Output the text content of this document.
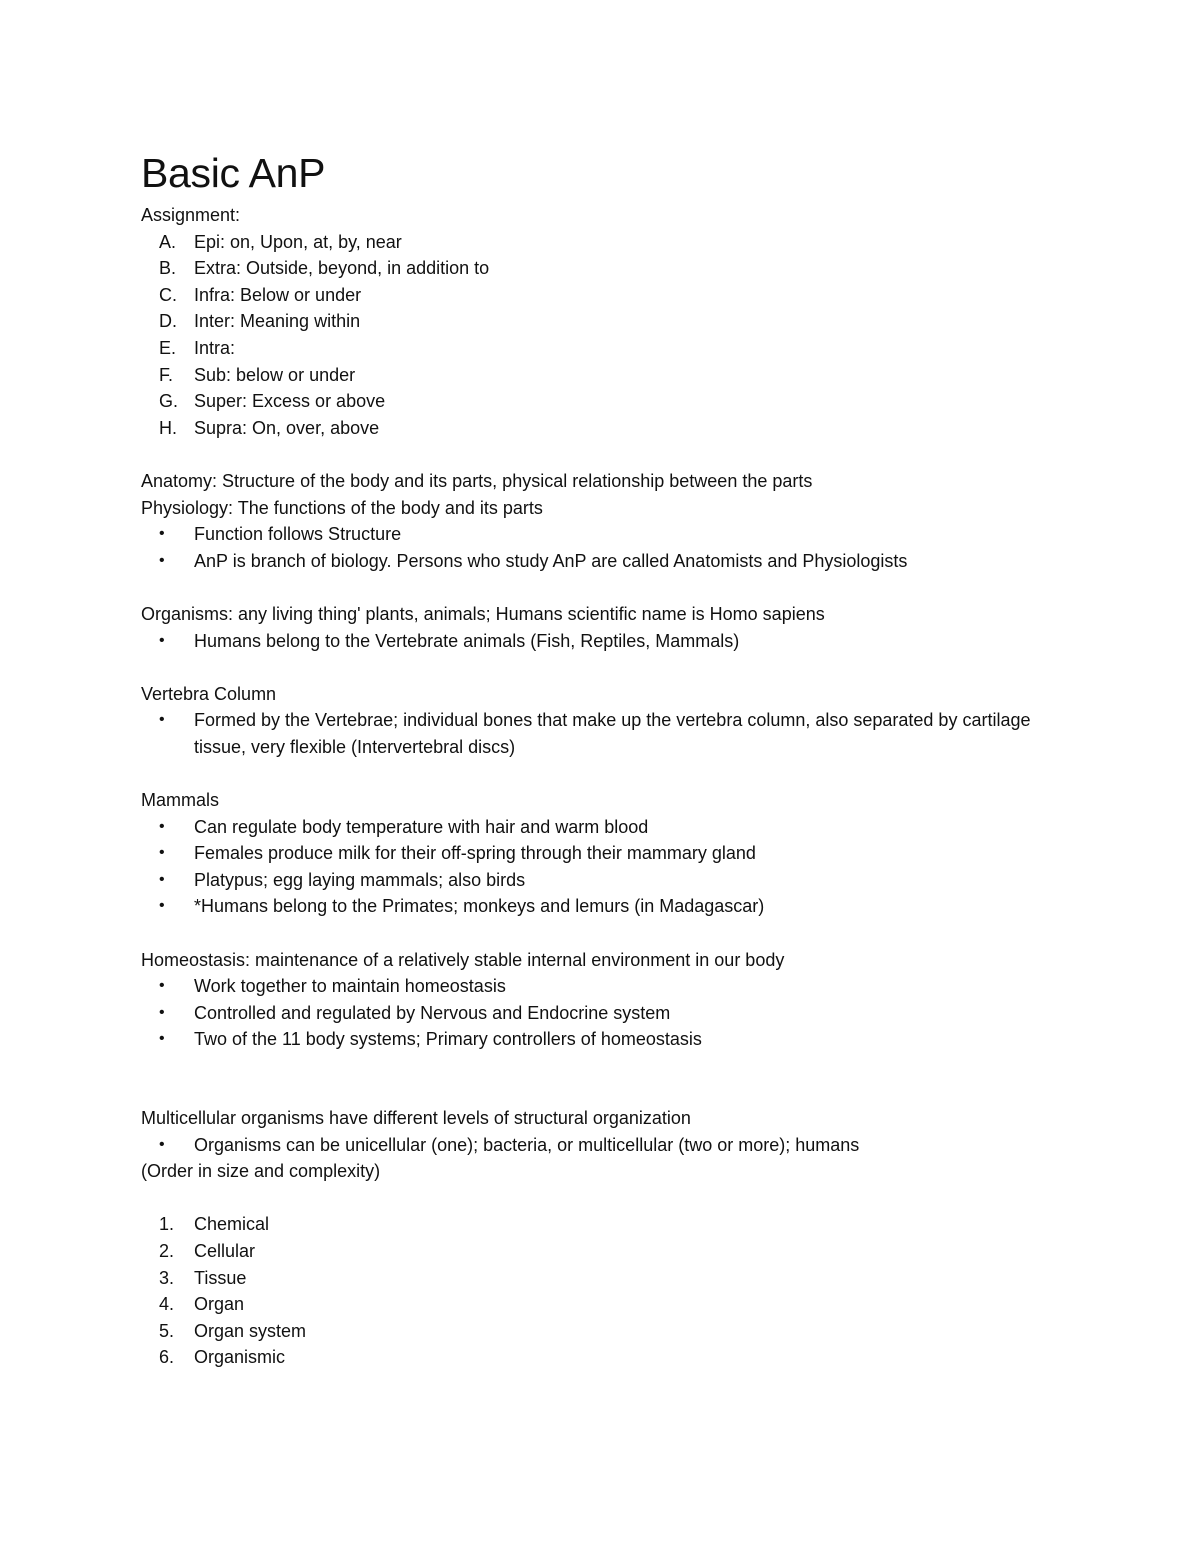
Basic AnP

Assignment:

A. Epi: on, Upon, at, by, near
B. Extra: Outside, beyond, in addition to
C. Infra: Below or under
D. Inter: Meaning within
E. Intra:
F. Sub: below or under
G. Super: Excess or above
H. Supra: On, over, above

Anatomy: Structure of the body and its parts, physical relationship between the parts

Physiology: The functions of the body and its parts

• Function follows Structure
• AnP is branch of biology. Persons who study AnP are called Anatomists and Physiologists

Organisms: any living thing' plants, animals; Humans scientific name is Homo sapiens

• Humans belong to the Vertebrate animals (Fish, Reptiles, Mammals)

Vertebra Column

• Formed by the Vertebrae; individual bones that make up the vertebra column, also separated by cartilage tissue, very flexible (Intervertebral discs)

Mammals

• Can regulate body temperature with hair and warm blood
• Females produce milk for their off-spring through their mammary gland
• Platypus; egg laying mammals; also birds
• *Humans belong to the Primates; monkeys and lemurs (in Madagascar)

Homeostasis: maintenance of a relatively stable internal environment in our body

• Work together to maintain homeostasis
• Controlled and regulated by Nervous and Endocrine system
• Two of the 11 body systems; Primary controllers of homeostasis

Multicellular organisms have different levels of structural organization

• Organisms can be unicellular (one); bacteria, or multicellular (two or more); humans

(Order in size and complexity)

1. Chemical
2. Cellular
3. Tissue
4. Organ
5. Organ system
6. Organismic
